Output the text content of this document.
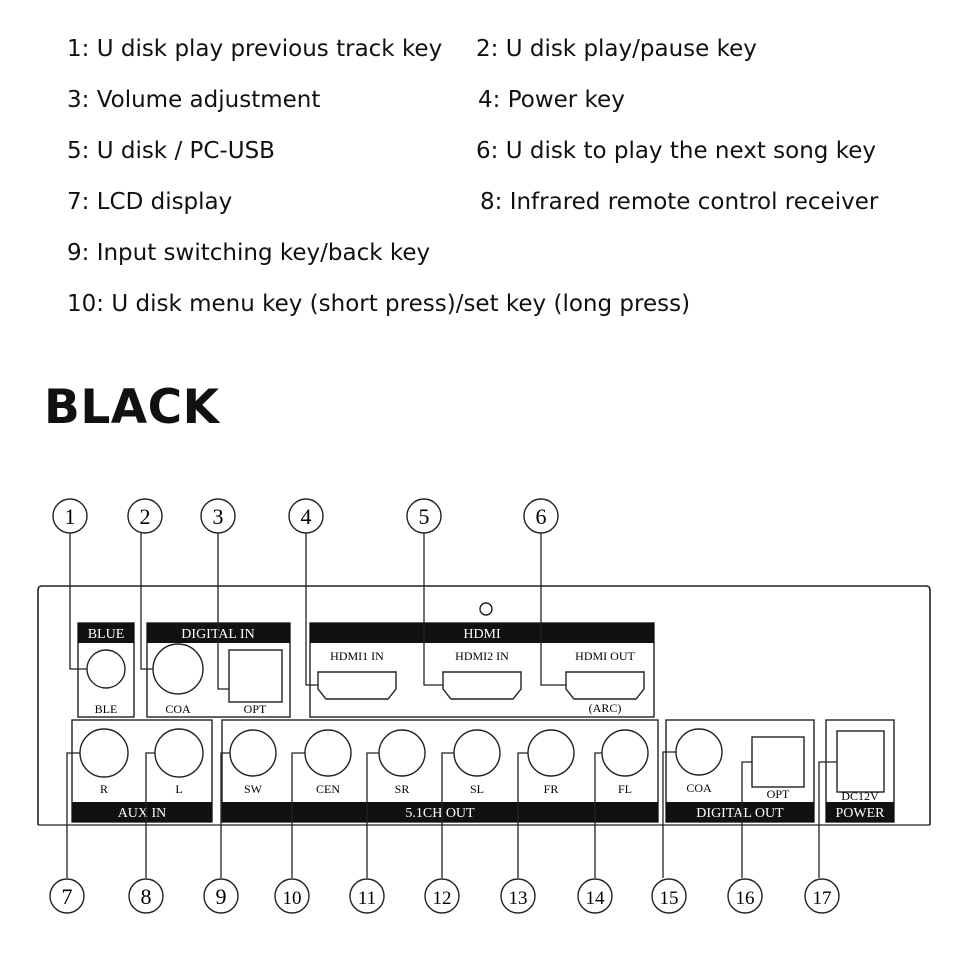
1: U disk play previous track key 2: U disk play/pause key
3: Volume adjustment	4: Power key
5: U disk / PC-USB	6: U disk to play the next song key
7: LCD display	8: Infrared remote control receiver
9: Input switching key/back key
10: U disk menu key (short press)/set key (long press)
BLACK
BLUE
BLE
DIGITAL IN
COA	OPT
HDMI
HDMI1 IN	HDMI2 IN	HDMI OUT
(ARC)
AUX IN
R	L
5.1CH OUT
SW	CEN	SR	SL	FR	FL
DIGITAL OUT
COA	OPT
POWER
DC12V
1	2	3	4	5	6
7	8	9	10	11	12	13	14	15	16	17
